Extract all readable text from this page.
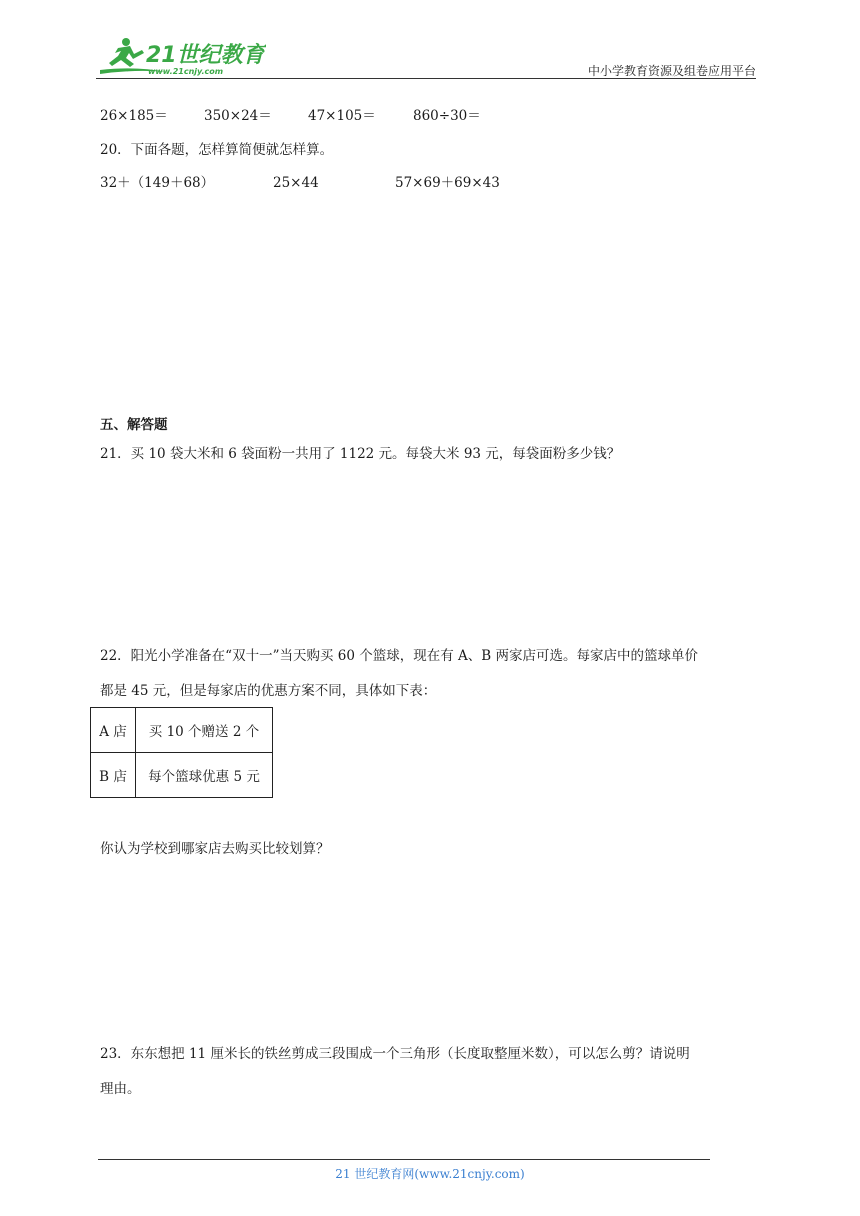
21世纪教育
www.21cnjy.com	中小学教育资源及组卷应用平台
26×185＝	350×24＝	47×105＝	860÷30＝
20．下面各题，怎样算简便就怎样算。
32＋（149＋68）	25×44	57×69＋69×43
五、解答题
21．买 10 袋大米和 6 袋面粉一共用了 1122 元。每袋大米 93 元，每袋面粉多少钱？
22．阳光小学准备在“双十一”当天购买 60 个篮球，现在有 A、B 两家店可选。每家店中的篮球单价
都是 45 元，但是每家店的优惠方案不同，具体如下表：
A 店	买 10 个赠送 2 个
B 店	每个篮球优惠 5 元
你认为学校到哪家店去购买比较划算？
23．东东想把 11 厘米长的铁丝剪成三段围成一个三角形（长度取整厘米数），可以怎么剪？请说明
理由。
21 世纪教育网(www.21cnjy.com)
